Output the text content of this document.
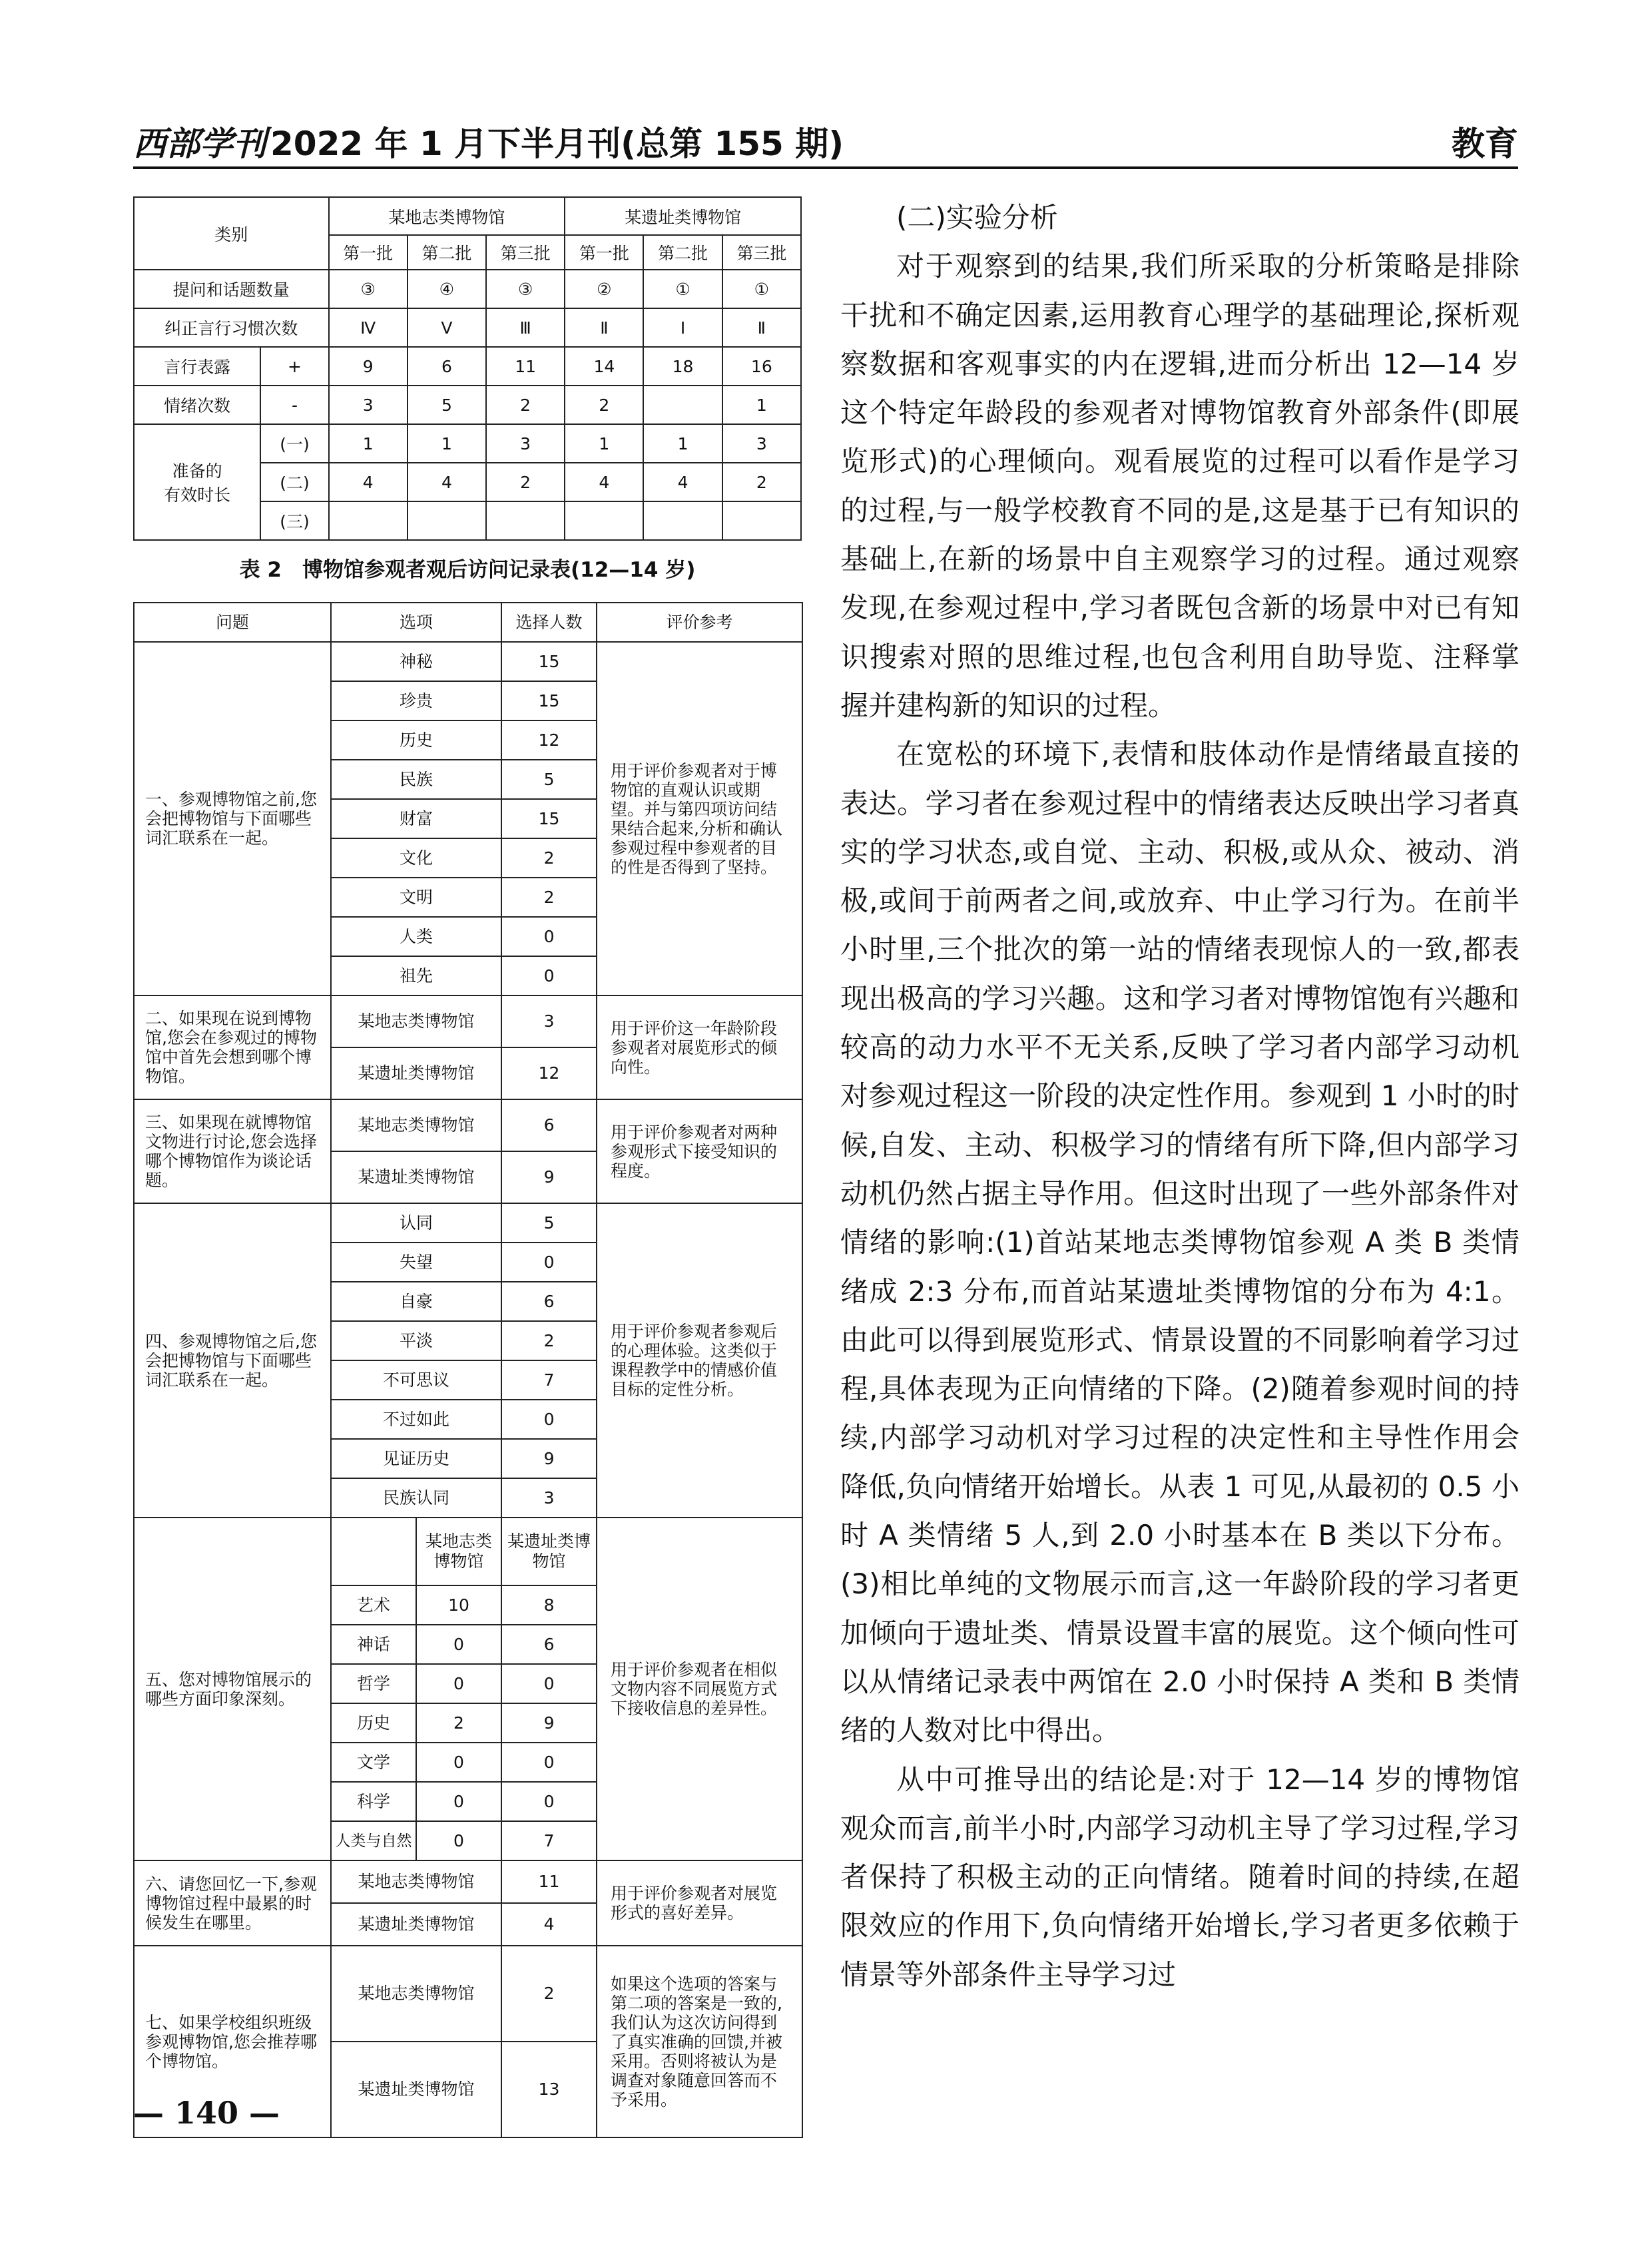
西部学刊 2022 年 1 月下半月刊(总第 155 期)	教育
类别		某地志类博物馆			某遗址类博物馆		
		第一批	第二批	第三批	第一批	第二批	第三批
提问和话题数量		③	④	③	②	①	①
纠正言行习惯次数		Ⅳ	Ⅴ	Ⅲ	Ⅱ	Ⅰ	Ⅱ
言行表露	+	9	6	11	14	18	16
情绪次数	-	3	5	2	2		1
准备的
有效时长	(一)	1	1	3	1	1	3
	(二)	4	4	2	4	4	2
	(三)						
表 2　博物馆参观者观后访问记录表(12—14 岁)
问题	选项		选择人数	评价参考
一、参观博物馆之前,您会把博物馆与下面哪些词汇联系在一起。	神秘		15	用于评价参观者对于博物馆的直观认识或期望。并与第四项访问结果结合起来,分析和确认参观过程中参观者的目的性是否得到了坚持。
	珍贵		15	
	历史		12	
	民族		5	
	财富		15	
	文化		2	
	文明		2	
	人类		0	
	祖先		0	
二、如果现在说到博物馆,您会在参观过的博物馆中首先会想到哪个博物馆。	某地志类博物馆		3	用于评价这一年龄阶段参观者对展览形式的倾向性。
	某遗址类博物馆		12	
三、如果现在就博物馆文物进行讨论,您会选择哪个博物馆作为谈论话题。	某地志类博物馆		6	用于评价参观者对两种参观形式下接受知识的程度。
	某遗址类博物馆		9	
四、参观博物馆之后,您会把博物馆与下面哪些词汇联系在一起。	认同		5	用于评价参观者参观后的心理体验。这类似于课程教学中的情感价值目标的定性分析。
	失望		0	
	自豪		6	
	平淡		2	
	不可思议		7	
	不过如此		0	
	见证历史		9	
	民族认同		3	
五、您对博物馆展示的哪些方面印象深刻。		某地志类博物馆	某遗址类博物馆	用于评价参观者在相似文物内容不同展览方式下接收信息的差异性。
	艺术	10	8	
	神话	0	6	
	哲学	0	0	
	历史	2	9	
	文学	0	0	
	科学	0	0	
	人类与自然	0	7	
六、请您回忆一下,参观博物馆过程中最累的时候发生在哪里。	某地志类博物馆		11	用于评价参观者对展览形式的喜好差异。
	某遗址类博物馆		4	
七、如果学校组织班级参观博物馆,您会推荐哪个博物馆。	某地志类博物馆		2	如果这个选项的答案与第二项的答案是一致的,我们认为这次访问得到了真实准确的回馈,并被采用。否则将被认为是调查对象随意回答而不予采用。
	某遗址类博物馆		13	
— 140 —

(二)实验分析

对于观察到的结果,我们所采取的分析策略是排除干扰和不确定因素,运用教育心理学的基础理论,探析观察数据和客观事实的内在逻辑,进而分析出 12—14 岁这个特定年龄段的参观者对博物馆教育外部条件(即展览形式)的心理倾向。观看展览的过程可以看作是学习的过程,与一般学校教育不同的是,这是基于已有知识的基础上,在新的场景中自主观察学习的过程。通过观察发现,在参观过程中,学习者既包含新的场景中对已有知识搜索对照的思维过程,也包含利用自助导览、注释掌握并建构新的知识的过程。

在宽松的环境下,表情和肢体动作是情绪最直接的表达。学习者在参观过程中的情绪表达反映出学习者真实的学习状态,或自觉、主动、积极,或从众、被动、消极,或间于前两者之间,或放弃、中止学习行为。在前半小时里,三个批次的第一站的情绪表现惊人的一致,都表现出极高的学习兴趣。这和学习者对博物馆饱有兴趣和较高的动力水平不无关系,反映了学习者内部学习动机对参观过程这一阶段的决定性作用。参观到 1 小时的时候,自发、主动、积极学习的情绪有所下降,但内部学习动机仍然占据主导作用。但这时出现了一些外部条件对情绪的影响:(1)首站某地志类博物馆参观 A 类 B 类情绪成 2:3 分布,而首站某遗址类博物馆的分布为 4:1。由此可以得到展览形式、情景设置的不同影响着学习过程,具体表现为正向情绪的下降。(2)随着参观时间的持续,内部学习动机对学习过程的决定性和主导性作用会降低,负向情绪开始增长。从表 1 可见,从最初的 0.5 小时 A 类情绪 5 人,到 2.0 小时基本在 B 类以下分布。(3)相比单纯的文物展示而言,这一年龄阶段的学习者更加倾向于遗址类、情景设置丰富的展览。这个倾向性可以从情绪记录表中两馆在 2.0 小时保持 A 类和 B 类情绪的人数对比中得出。

从中可推导出的结论是:对于 12—14 岁的博物馆观众而言,前半小时,内部学习动机主导了学习过程,学习者保持了积极主动的正向情绪。随着时间的持续,在超限效应的作用下,负向情绪开始增长,学习者更多依赖于情景等外部条件主导学习过
